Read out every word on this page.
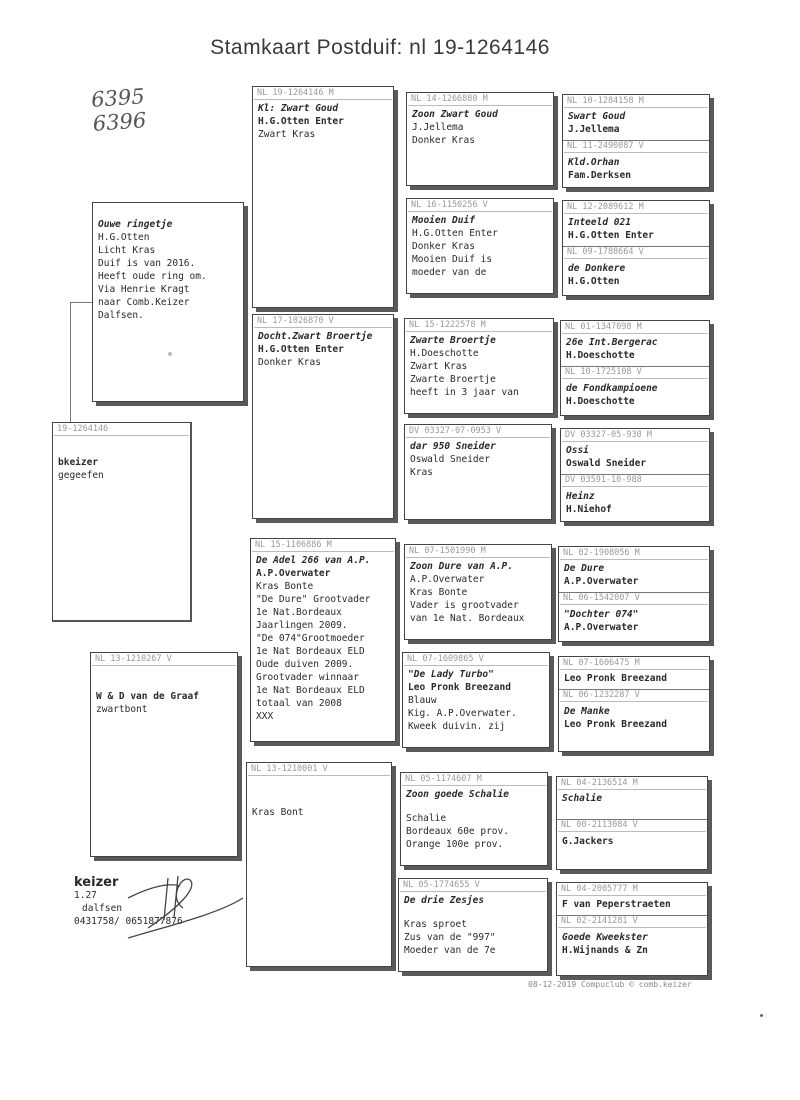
Stamkaart Postduif: nl 19-1264146
6395
6396
19-1264146
bkeizer
gegeefen
Ouwe ringetje
H.G.Otten
Licht Kras
Duif is van 2016.
Heeft oude ring om.
Via Henrie Kragt
naar Comb.Keizer
Dalfsen.
NL 13-1210267 V
W & D van de Graaf
zwartbont
NL 19-1264146 M
Kl: Zwart Goud
H.G.Otten Enter
Zwart Kras
NL 17-1026870 V
Docht.Zwart Broertje
H.G.Otten Enter
Donker Kras
NL 15-1106886 M
De Adel 266 van A.P.
A.P.Overwater
Kras Bonte
"De Dure" Grootvader
1e Nat.Bordeaux
Jaarlingen 2009.
"De 074"Grootmoeder
1e Nat Bordeaux ELD
Oude duiven 2009.
Grootvader winnaar
1e Nat Bordeaux ELD
totaal van 2008
XXX
NL 13-1210001 V
Kras Bont
NL 14-1266880 M
Zoon Zwart Goud
J.Jellema
Donker Kras
NL 16-1150256 V
Mooien Duif
H.G.Otten Enter
Donker Kras
Mooien Duif is
moeder van de
NL 15-1222578 M
Zwarte Broertje
H.Doeschotte
Zwart Kras
Zwarte Broertje
heeft in 3 jaar van
DV 03327-07-0953 V
dar 950 Sneider
Oswald Sneider
Kras
NL 07-1501990 M
Zoon Dure van A.P.
A.P.Overwater
Kras Bonte
Vader is grootvader
van 1e Nat. Bordeaux
NL 07-1609865 V
"De Lady Turbo"
Leo Pronk Breezand
Blauw
Kig. A.P.Overwater.
Kweek duivin. zij
NL 05-1174607 M
Zoon goede Schalie
Schalie
Bordeaux 60e prov.
Orange 100e prov.
NL 05-1774655 V
De drie Zesjes
Kras sproet
Zus van de "997"
Moeder van de 7e
NL 10-1284158 M
Swart Goud
J.Jellema
NL 11-2490087 V
Kld.Orhan
Fam.Derksen
NL 12-2089612 M
Inteeld 021
H.G.Otten Enter
NL 09-1788664 V
de Donkere
H.G.Otten
NL 01-1347098 M
26e Int.Bergerac
H.Doeschotte
NL 10-1725108 V
de Fondkampioene
H.Doeschotte
DV 03327-05-930 M
Ossi
Oswald Sneider
DV 03591-10-988
Heinz
H.Niehof
NL 02-1908056 M
De Dure
A.P.Overwater
NL 06-1542007 V
"Dochter 074"
A.P.Overwater
NL 07-1606475 M
Leo Pronk Breezand
NL 06-1232287 V
De Manke
Leo Pronk Breezand
NL 04-2136514 M
Schalie
NL 00-2113084 V
G.Jackers
NL 04-2005777 M
F van Peperstraeten
NL 02-2141281 V
Goede Kweekster
H.Wijnands & Zn
keizer
1.27
dalfsen
0431758/ 0651877876
08-12-2019 Compuclub © comb.keizer
